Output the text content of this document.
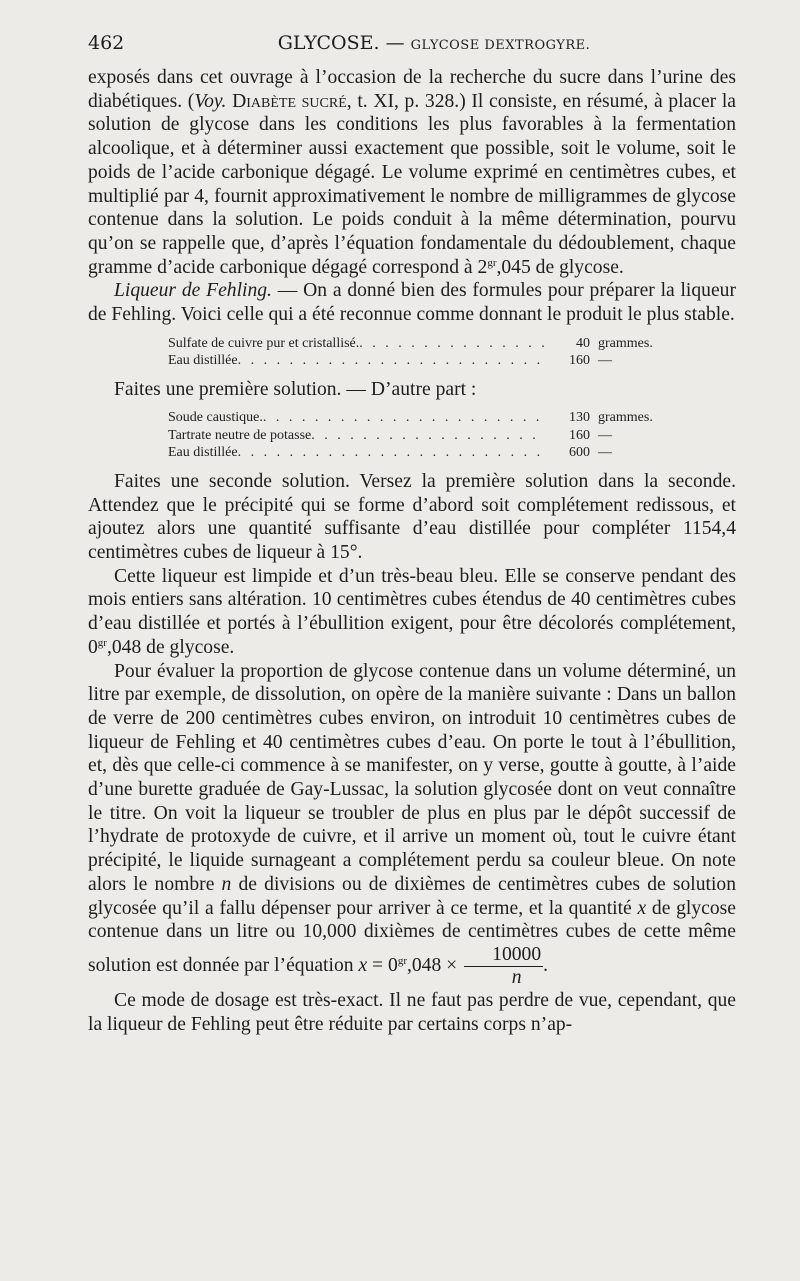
462	GLYCOSE. — GLYCOSE DEXTROGYRE.

exposés dans cet ouvrage à l’occasion de la recherche du sucre dans l’urine des diabétiques. (Voy. Diabète sucré, t. XI, p. 328.) Il consiste, en résumé, à placer la solution de glycose dans les conditions les plus favorables à la fermentation alcoolique, et à déterminer aussi exactement que possible, soit le volume, soit le poids de l’acide carbonique dégagé. Le volume exprimé en centimètres cubes, et multiplié par 4, fournit approximativement le nombre de milligrammes de glycose contenue dans la solution. Le poids conduit à la même détermination, pourvu qu’on se rappelle que, d’après l’équation fondamentale du dédoublement, chaque gramme d’acide carbonique dégagé correspond à $2^{gr},045$ de glycose.

Liqueur de Fehling. — On a donné bien des formules pour préparer la liqueur de Fehling. Voici celle qui a été reconnue comme donnant le produit le plus stable.

Sulfate de cuivre pur et cristallisé. . . .	40 grammes.
Eau distillée . . .	160 —

Faites une première solution. — D’autre part :

Soude caustique. . . .	130 grammes.
Tartrate neutre de potasse . . .	160 —
Eau distillée . . .	600 —

Faites une seconde solution. Versez la première solution dans la seconde. Attendez que le précipité qui se forme d’abord soit complétement redissous, et ajoutez alors une quantité suffisante d’eau distillée pour compléter 1154,4 centimètres cubes de liqueur à 15°.

Cette liqueur est limpide et d’un très-beau bleu. Elle se conserve pendant des mois entiers sans altération. 10 centimètres cubes étendus de 40 centimètres cubes d’eau distillée et portés à l’ébullition exigent, pour être décolorés complétement, $0^{gr},048$ de glycose.

Pour évaluer la proportion de glycose contenue dans un volume déterminé, un litre par exemple, de dissolution, on opère de la manière suivante : Dans un ballon de verre de 200 centimètres cubes environ, on introduit 10 centimètres cubes de liqueur de Fehling et 40 centimètres cubes d’eau. On porte le tout à l’ébullition, et, dès que celle-ci commence à se manifester, on y verse, goutte à goutte, à l’aide d’une burette graduée de Gay-Lussac, la solution glycosée dont on veut connaître le titre. On voit la liqueur se troubler de plus en plus par le dépôt successif de l’hydrate de protoxyde de cuivre, et il arrive un moment où, tout le cuivre étant précipité, le liquide surnageant a complétement perdu sa couleur bleue. On note alors le nombre n de divisions ou de dixièmes de centimètres cubes de solution glycosée qu’il a fallu dépenser pour arriver à ce terme, et la quantité x de glycose contenue dans un litre ou 10,000 dixièmes de centimètres cubes de cette même solution est donnée par l’équation $x = 0^{gr},048 \times \frac{10000}{n}$ .

Ce mode de dosage est très-exact. Il ne faut pas perdre de vue, cependant, que la liqueur de Fehling peut être réduite par certains corps n’ap-
